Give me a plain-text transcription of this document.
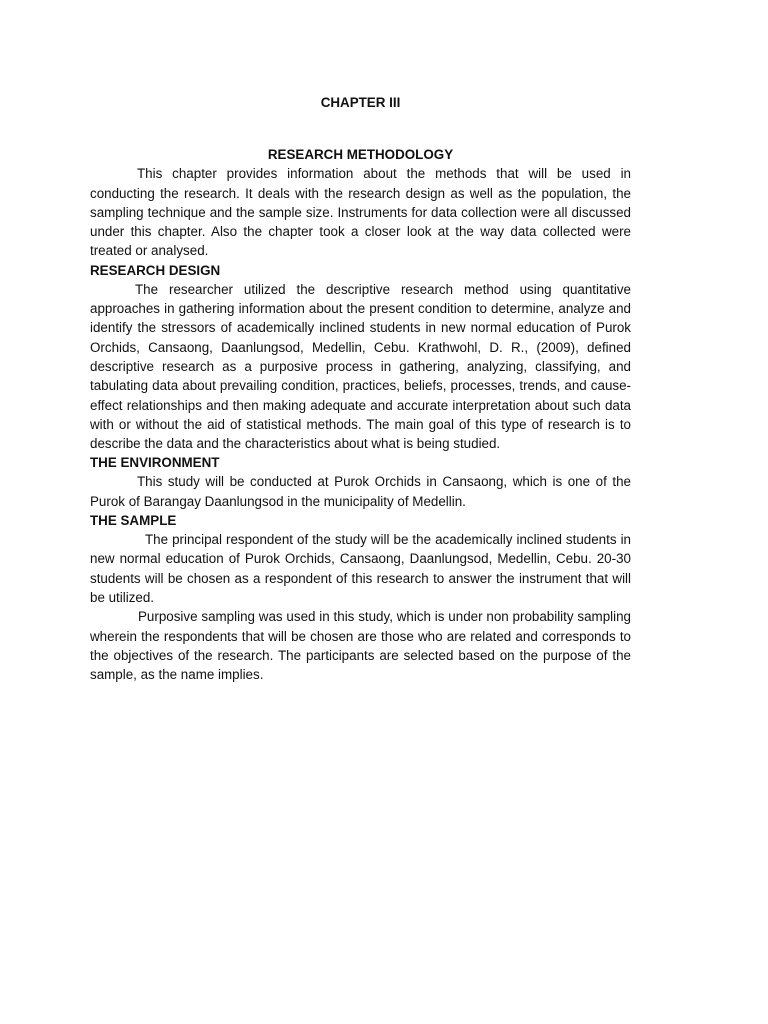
CHAPTER III
RESEARCH METHODOLOGY

This chapter provides information about the methods that will be used in conducting the research. It deals with the research design as well as the population, the sampling technique and the sample size. Instruments for data collection were all discussed under this chapter. Also the chapter took a closer look at the way data collected were treated or analysed.

RESEARCH DESIGN

The researcher utilized the descriptive research method using quantitative approaches in gathering information about the present condition to determine, analyze and identify the stressors of academically inclined students in new normal education of Purok Orchids, Cansaong, Daanlungsod, Medellin, Cebu. Krathwohl, D. R., (2009), defined descriptive research as a purposive process in gathering, analyzing, classifying, and tabulating data about prevailing condition, practices, beliefs, processes, trends, and cause-effect relationships and then making adequate and accurate interpretation about such data with or without the aid of statistical methods. The main goal of this type of research is to describe the data and the characteristics about what is being studied.

THE ENVIRONMENT

This study will be conducted at Purok Orchids in Cansaong, which is one of the Purok of Barangay Daanlungsod in the municipality of Medellin.

THE SAMPLE

The principal respondent of the study will be the academically inclined students in new normal education of Purok Orchids, Cansaong, Daanlungsod, Medellin, Cebu. 20-30 students will be chosen as a respondent of this research to answer the instrument that will be utilized.

Purposive sampling was used in this study, which is under non probability sampling wherein the respondents that will be chosen are those who are related and corresponds to the objectives of the research. The participants are selected based on the purpose of the sample, as the name implies.
